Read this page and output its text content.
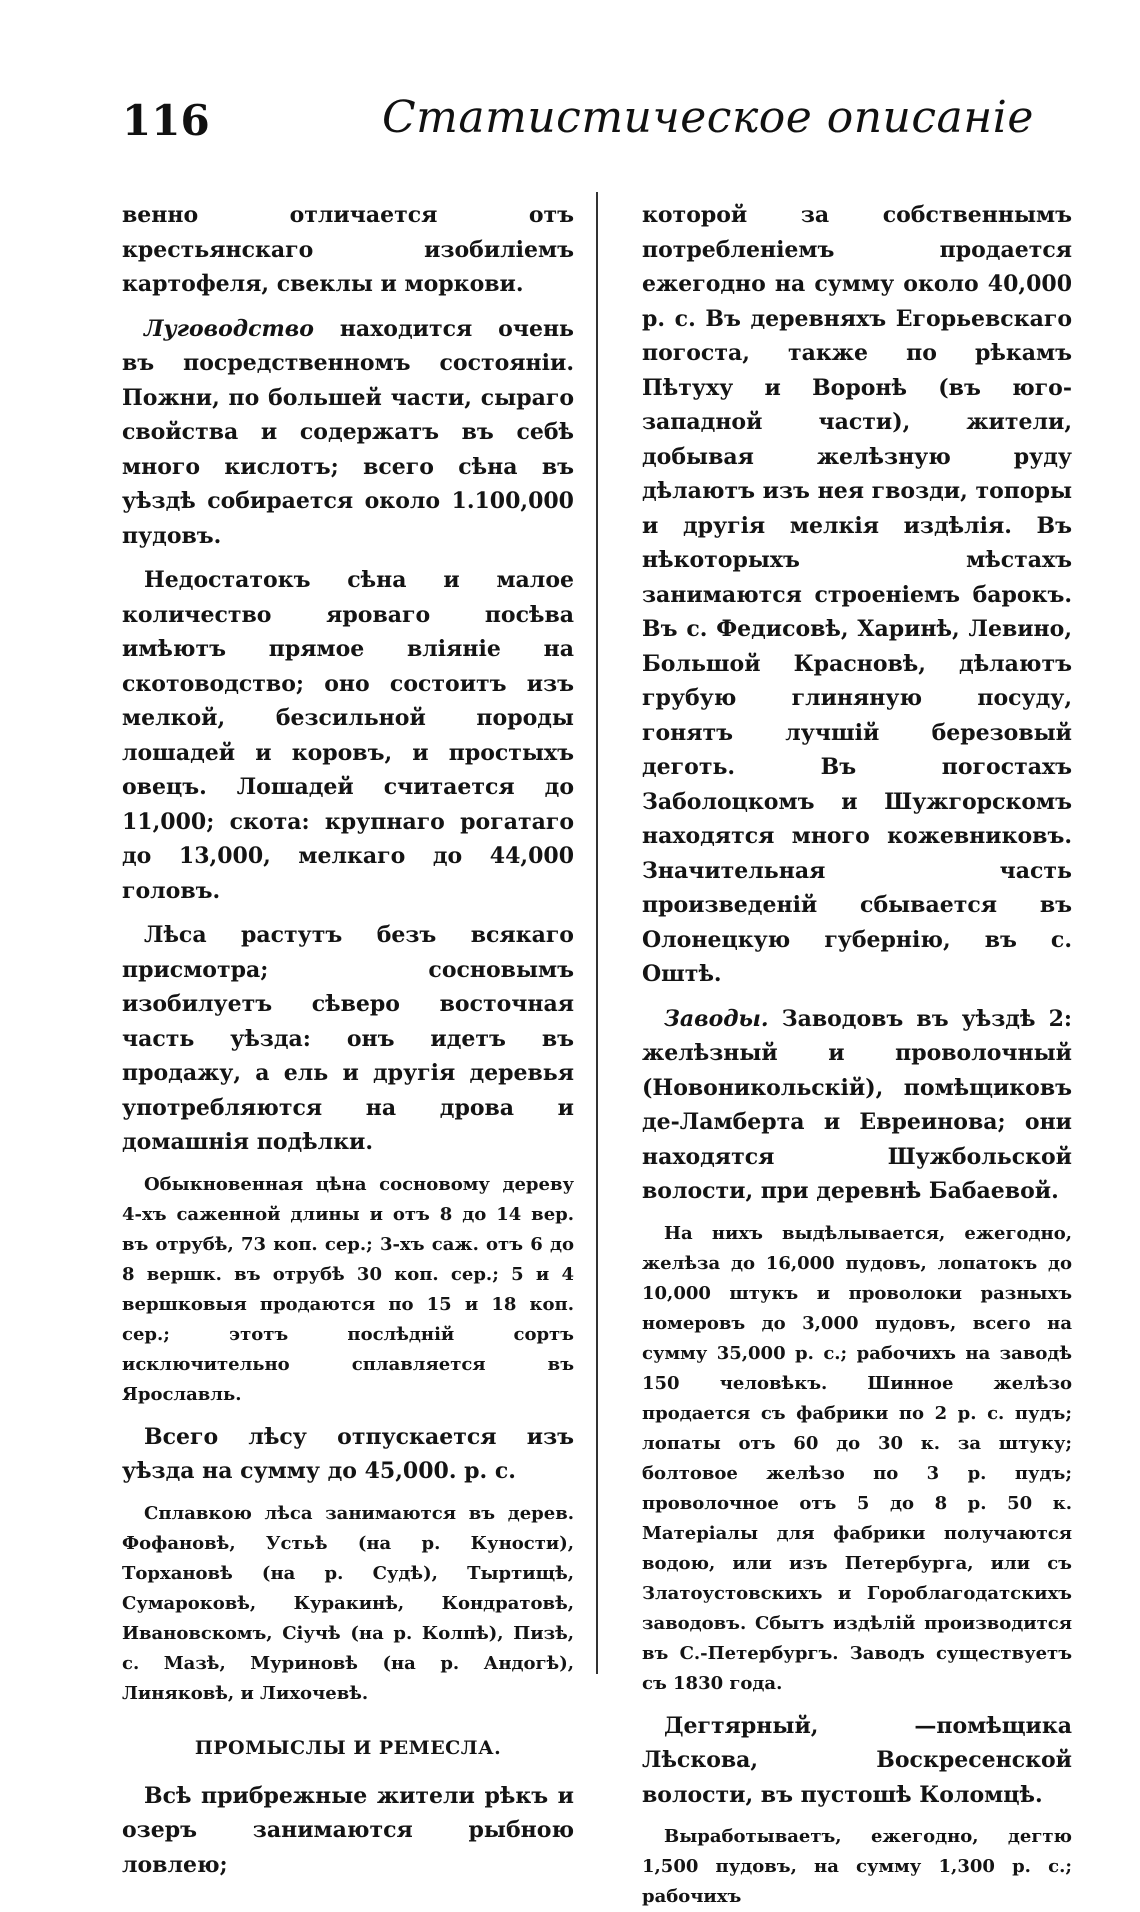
116	Статистическое описаніе

венно отличается отъ крестьянскаго изобиліемъ картофеля, свеклы и моркови.

Луговодство находится очень въ посредственномъ состояніи. Пожни, по большей части, сыраго свойства и содержатъ въ себѣ много кислотъ; всего сѣна въ уѣздѣ собирается около 1.100,000 пудовъ.

Недостатокъ сѣна и малое количество яроваго посѣва имѣютъ прямое вліяніе на скотоводство; оно состоитъ изъ мелкой, безсильной породы лошадей и коровъ, и простыхъ овецъ. Лошадей считается до 11,000; скота: крупнаго рогатаго до 13,000, мелкаго до 44,000 головъ.

Лѣса растутъ безъ всякаго присмотра; сосновымъ изобилуетъ сѣверо восточная часть уѣзда: онъ идетъ въ продажу, а ель и другія деревья употребляются на дрова и домашнія подѣлки.

Обыкновенная цѣна сосновому дереву 4-хъ саженной длины и отъ 8 до 14 вер. въ отрубѣ, 73 коп. сер.; 3-хъ саж. отъ 6 до 8 вершк. въ отрубѣ 30 коп. сер.; 5 и 4 вершковыя продаются по 15 и 18 коп. сер.; этотъ послѣдній сортъ исключительно сплавляется въ Ярославль.

Всего лѣсу отпускается изъ уѣзда на сумму до 45,000. р. с.

Сплавкою лѣса занимаются въ дерев. Фофановѣ, Устьѣ (на р. Куности), Торхановѣ (на р. Судѣ), Тыртищѣ, Сумароковѣ, Куракинѣ, Кондратовѣ, Ивановскомъ, Сіучѣ (на р. Колпѣ), Пизѣ, с. Мазѣ, Муриновѣ (на р. Андогѣ), Линяковѣ, и Лихочевѣ.

ПРОМЫСЛЫ И РЕМЕСЛА.

Всѣ прибрежные жители рѣкъ и озеръ занимаются рыбною ловлею;

которой за собственнымъ потребленіемъ продается ежегодно на сумму около 40,000 р. с. Въ деревняхъ Егорьевскаго погоста, также по рѣкамъ Пѣтуху и Воронѣ (въ юго-западной части), жители, добывая желѣзную руду дѣлаютъ изъ нея гвозди, топоры и другія мелкія издѣлія. Въ нѣкоторыхъ мѣстахъ занимаются строеніемъ барокъ. Въ с. Федисовѣ, Харинѣ, Левино, Большой Красновѣ, дѣлаютъ грубую глиняную посуду, гонятъ лучшій березовый деготь. Въ погостахъ Заболоцкомъ и Шужгорскомъ находятся много кожевниковъ. Значительная часть произведеній сбывается въ Олонецкую губернію, въ с. Оштѣ.

Заводы. Заводовъ въ уѣздѣ 2: желѣзный и проволочный (Новоникольскій), помѣщиковъ де-Ламберта и Евреинова; они находятся Шужбольской волости, при деревнѣ Бабаевой.

На нихъ выдѣлывается, ежегодно, желѣза до 16,000 пудовъ, лопатокъ до 10,000 штукъ и проволоки разныхъ номеровъ до 3,000 пудовъ, всего на сумму 35,000 р. с.; рабочихъ на заводѣ 150 человѣкъ. Шинное желѣзо продается съ фабрики по 2 р. с. пудъ; лопаты отъ 60 до 30 к. за штуку; болтовое желѣзо по 3 р. пудъ; проволочное отъ 5 до 8 р. 50 к. Матеріалы для фабрики получаются водою, или изъ Петербурга, или съ Златоустовскихъ и Гороблагодатскихъ заводовъ. Сбытъ издѣлій производится въ С.-Петербургъ. Заводъ существуетъ съ 1830 года.

Дегтярный, —помѣщика Лѣскова, Воскресенской волости, въ пустошѣ Коломцѣ.

Выработываетъ, ежегодно, дегтю 1,500 пудовъ, на сумму 1,300 р. с.; рабочихъ
